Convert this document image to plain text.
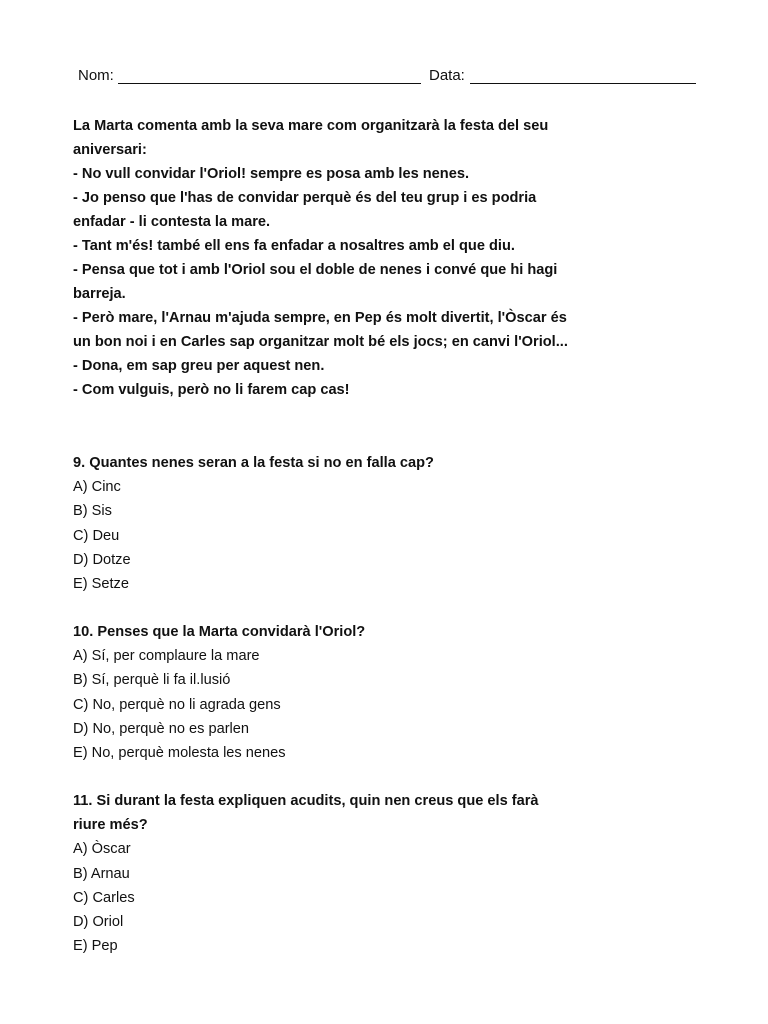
Nom:	Data:

La Marta comenta amb la seva mare com organitzarà la festa del seu

aniversari:

- No vull convidar l'Oriol! sempre es posa amb les nenes.

- Jo penso que l'has de convidar perquè és del teu grup i es podria

enfadar - li contesta la mare.

- Tant m'és! també ell ens fa enfadar a nosaltres amb el que diu.

- Pensa que tot i amb l'Oriol sou el doble de nenes i convé que hi hagi

barreja.

- Però mare, l'Arnau m'ajuda sempre, en Pep és molt divertit, l'Òscar és

un bon noi i en Carles sap organitzar molt bé els jocs; en canvi l'Oriol...

- Dona, em sap greu per aquest nen.

- Com vulguis, però no li farem cap cas!

9. Quantes nenes seran a la festa si no en falla cap?

A) Cinc
B) Sis
C) Deu
D) Dotze
E) Setze

10. Penses que la Marta convidarà l'Oriol?

A) Sí, per complaure la mare
B) Sí, perquè li fa il.lusió
C) No, perquè no li agrada gens
D) No, perquè no es parlen
E) No, perquè molesta les nenes

11. Si durant la festa expliquen acudits, quin nen creus que els farà

riure més?

A) Òscar
B) Arnau
C) Carles
D) Oriol
E) Pep
